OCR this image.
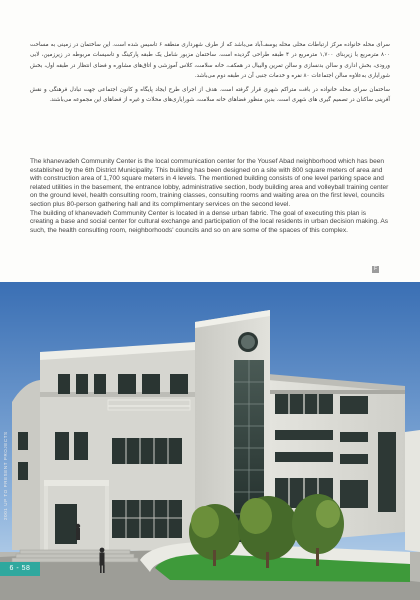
سرای محله خانواده مرکز ارتباطات محلی محله یوسف‌آباد می‌باشد که از طرف شهرداری منطقه ۶ تاسیس شده است. این ساختمان در زمینی به مساحت ۸۰۰ مترمربع با زیربنای ۱,۷۰۰ مترمربع در ۴ طبقه طراحی گردیده است. ساختمان مزبور شامل یک طبقه پارکینگ و تاسیسات مربوطه در زیرزمین، لابی ورودی، بخش اداری و سالن بدنسازی و سالن تمرین والیبال در همکف، خانه سلامت، کلاس آموزشی و اتاق‌های مشاوره و فضای انتظار در طبقه اول، بخش شورایاری به‌علاوه سالن اجتماعات ۸۰ نفره و خدمات جنبی آن در طبقه دوم می‌باشد.

ساختمان سرای محله خانواده در بافت متراکم شهری قرار گرفته است. هدف از اجرای طرح ایجاد پایگاه و کانون اجتماعی جهت تبادل فرهنگی و نقش آفرینی ساکنان در تصمیم گیری های شهری است. بدین منظور فضاهای خانه سلامت، شورایاری‌های محلات و غیره از فضاهای این مجموعه می‌باشند.

The khanevadeh Community Center is the local communication center for the Yousef Abad neighborhood which has been established by the 6th District Municipality. This building has been designed on a site with 800 square meters of area and with construction area of 1,700 square meters in 4 levels. The mentioned building consists of one level parking space and related utilities in the basement, the entrance lobby, administrative section, body building area and volleyball training center on the ground level, health consulting room, training classes, consulting rooms and waiting area on the first level, councils section plus 80-person gathering hall and its complimentary services on the second level.

The building of khanevadeh Community Center is located in a dense urban fabric. The goal of executing this plan is creating a base and social center for cultural exchange and participation of the local residents in urban decision making. As such, the health consulting room, neighborhoods' councils and so on are some of the spaces of this complex.

F
2001 UP TO PRESENT PROJECTS
6 - 58
